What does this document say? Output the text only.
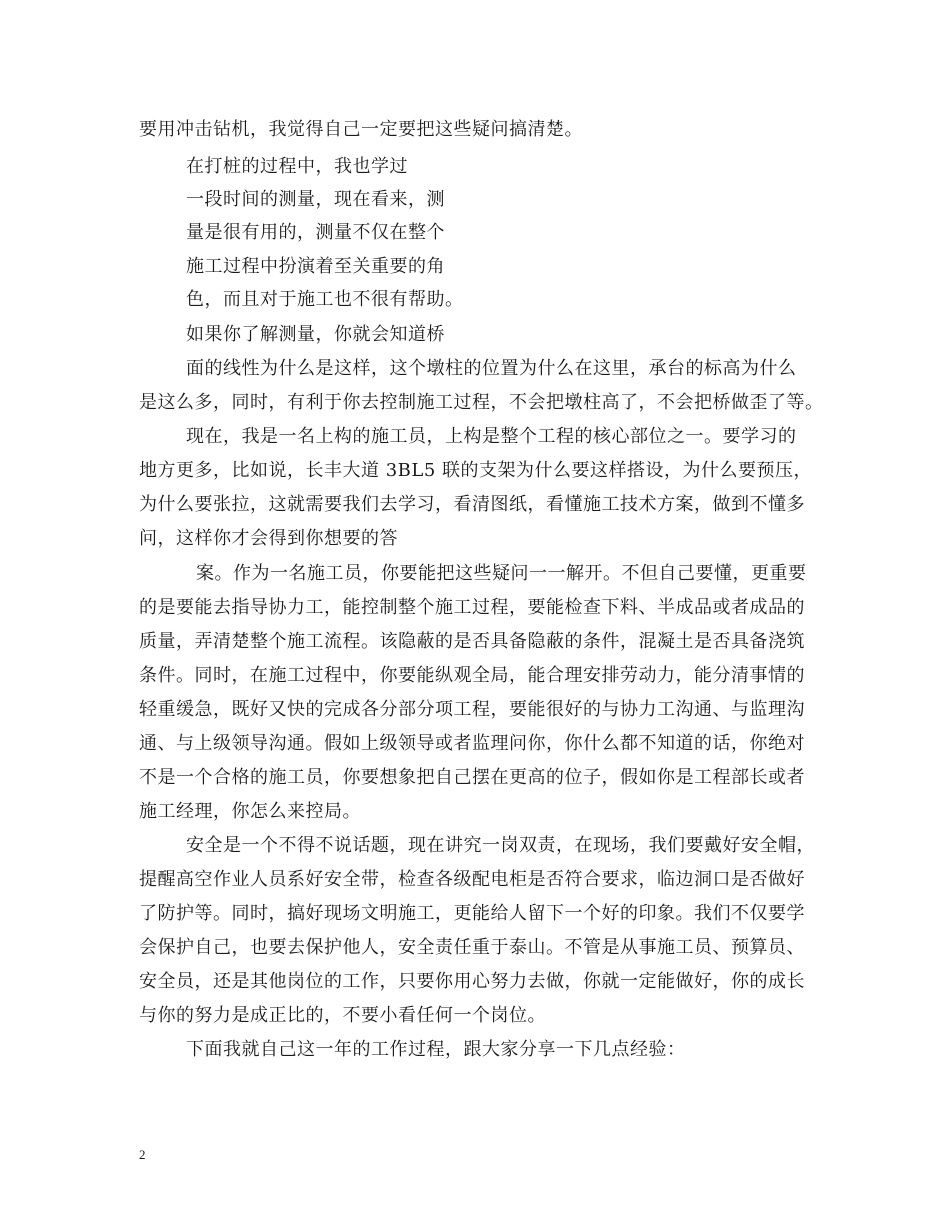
要用冲击钻机，我觉得自己一定要把这些疑问搞清楚。
在打桩的过程中，我也学过
一段时间的测量，现在看来，测
量是很有用的，测量不仅在整个
施工过程中扮演着至关重要的角
色，而且对于施工也不很有帮助。
如果你了解测量，你就会知道桥
面的线性为什么是这样，这个墩柱的位置为什么在这里，承台的标高为什么
是这么多，同时，有利于你去控制施工过程，不会把墩柱高了，不会把桥做歪了等。
现在，我是一名上构的施工员，上构是整个工程的核心部位之一。要学习的
地方更多，比如说，长丰大道 3BL5 联的支架为什么要这样搭设，为什么要预压，
为什么要张拉，这就需要我们去学习，看清图纸，看懂施工技术方案，做到不懂多
问，这样你才会得到你想要的答
案。作为一名施工员，你要能把这些疑问一一解开。不但自己要懂，更重要
的是要能去指导协力工，能控制整个施工过程，要能检查下料、半成品或者成品的
质量，弄清楚整个施工流程。该隐蔽的是否具备隐蔽的条件，混凝土是否具备浇筑
条件。同时，在施工过程中，你要能纵观全局，能合理安排劳动力，能分清事情的
轻重缓急，既好又快的完成各分部分项工程，要能很好的与协力工沟通、与监理沟
通、与上级领导沟通。假如上级领导或者监理问你，你什么都不知道的话，你绝对
不是一个合格的施工员，你要想象把自己摆在更高的位子，假如你是工程部长或者
施工经理，你怎么来控局。
安全是一个不得不说话题，现在讲究一岗双责，在现场，我们要戴好安全帽，
提醒高空作业人员系好安全带，检查各级配电柜是否符合要求，临边洞口是否做好
了防护等。同时，搞好现场文明施工，更能给人留下一个好的印象。我们不仅要学
会保护自己，也要去保护他人，安全责任重于泰山。不管是从事施工员、预算员、
安全员，还是其他岗位的工作，只要你用心努力去做，你就一定能做好，你的成长
与你的努力是成正比的，不要小看任何一个岗位。
下面我就自己这一年的工作过程，跟大家分享一下几点经验：
2
